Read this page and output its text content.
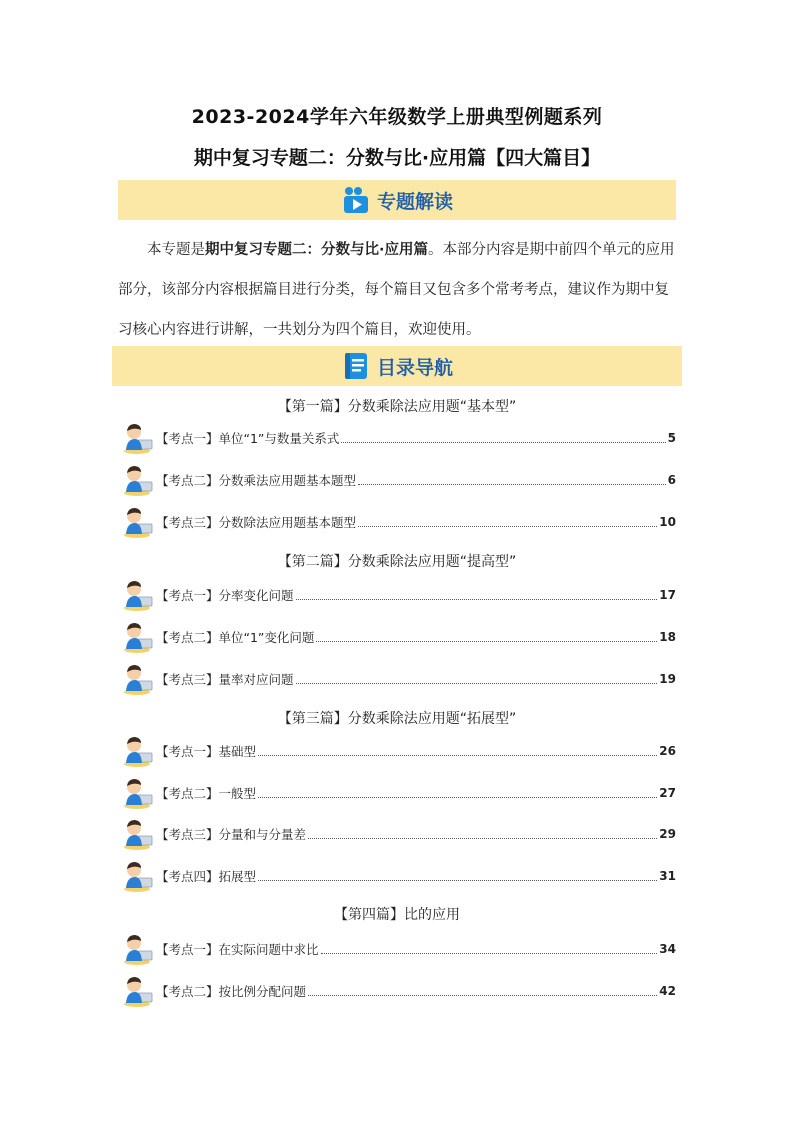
2023-2024学年六年级数学上册典型例题系列
期中复习专题二：分数与比·应用篇【四大篇目】
专题解读

本专题是期中复习专题二：分数与比·应用篇。本部分内容是期中前四个单元的应用部分，该部分内容根据篇目进行分类，每个篇目又包含多个常考考点，建议作为期中复习核心内容进行讲解，一共划分为四个篇目，欢迎使用。

目录导航
【第一篇】分数乘除法应用题“基本型”
【考点一】单位“1”与数量关系式	5
【考点二】分数乘法应用题基本题型	6
【考点三】分数除法应用题基本题型	10
【第二篇】分数乘除法应用题“提高型”
【考点一】分率变化问题	17
【考点二】单位“1”变化问题	18
【考点三】量率对应问题	19
【第三篇】分数乘除法应用题“拓展型”
【考点一】基础型	26
【考点二】一般型	27
【考点三】分量和与分量差	29
【考点四】拓展型	31
【第四篇】比的应用
【考点一】在实际问题中求比	34
【考点二】按比例分配问题	42
